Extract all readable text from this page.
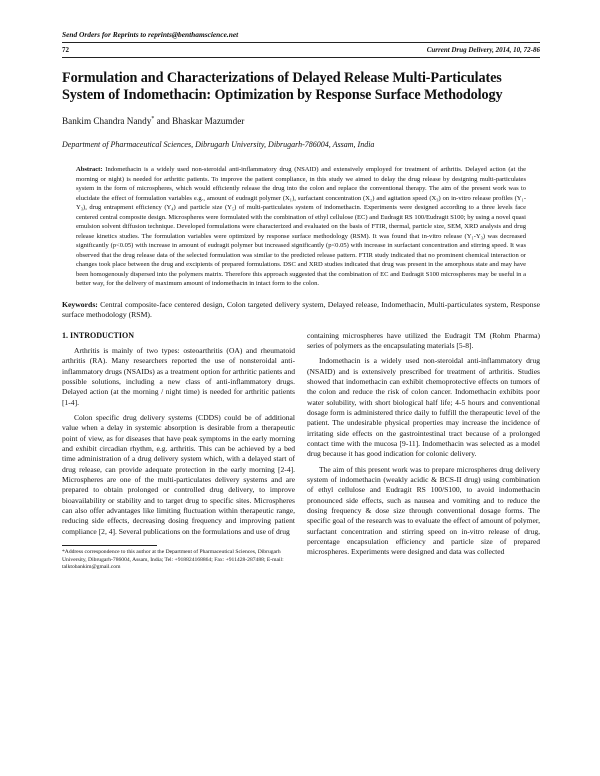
Send Orders for Reprints to reprints@benthamscience.net

72	Current Drug Delivery, 2014, 10, 72-86
Formulation and Characterizations of Delayed Release Multi-Particulates System of Indomethacin: Optimization by Response Surface Methodology

Bankim Chandra Nandy* and Bhaskar Mazumder

Department of Pharmaceutical Sciences, Dibrugarh University, Dibrugarh-786004, Assam, India

Abstract: Indomethacin is a widely used non-steroidal anti-inflammatory drug (NSAID) and extensively employed for treatment of arthritis. Delayed action (at the morning or night) is needed for arthritic patients. To improve the patient compliance, in this study we aimed to delay the drug release by designing multi-particulates system in the form of microspheres, which would efficiently release the drug into the colon and replace the conventional therapy. The aim of the present work was to elucidate the effect of formulation variables e.g., amount of eudragit polymer (X₁), surfactant concentration (X₂) and agitation speed (X₃) on in-vitro release profiles (Y₁-Y₃), drug entrapment efficiency (Y₄) and particle size (Y₅) of multi-particulates system of indomethacin. Experiments were designed according to a three levels face centered central composite design. Microspheres were formulated with the combination of ethyl cellulose (EC) and Eudragit RS 100/Eudragit S100; by using a novel quasi emulsion solvent diffusion technique. Developed formulations were characterized and evaluated on the basis of FTIR, thermal, particle size, SEM, XRD analysis and drug release kinetics studies. The formulation variables were optimized by response surface methodology (RSM). It was found that in-vitro release (Y₁-Y₃) was decreased significantly (p<0.05) with increase in amount of eudragit polymer but increased significantly (p<0.05) with increase in surfactant concentration and stirring speed. It was observed that the drug release data of the selected formulation was similar to the predicted release pattern. FTIR study indicated that no prominent chemical interaction or changes took place between the drug and excipients of prepared formulations. DSC and XRD studies indicated that drug was present in the amorphous state and may have been homogenously dispersed into the polymers matrix. Therefore this approach suggested that the combination of EC and Eudragit S100 microspheres may be useful in a better way, for the delivery of maximum amount of indomethacin in intact form to the colon.

Keywords: Central composite-face centered design, Colon targeted delivery system, Delayed release, Indomethacin, Multi-particulates system, Response surface methodology (RSM).

1. INTRODUCTION

Arthritis is mainly of two types: osteoarthritis (OA) and rheumatoid arthritis (RA). Many researchers reported the use of nonsteroidal anti-inflammatory drugs (NSAIDs) as a treatment option for arthritic patients and possible solutions, including a new class of anti-inflammatory drugs. Delayed action (at the morning / night time) is needed for arthritic patients [1-4].

Colon specific drug delivery systems (CDDS) could be of additional value when a delay in systemic absorption is desirable from a therapeutic point of view, as for diseases that have peak symptoms in the early morning and exhibit circadian rhythm, e.g. arthritis. This can be achieved by a bed time administration of a drug delivery system which, with a delayed start of drug release, can provide adequate protection in the early morning [2-4]. Microspheres are one of the multi-particulates delivery systems and are prepared to obtain prolonged or controlled drug delivery, to improve bioavailability or stability and to target drug to specific sites. Microspheres can also offer advantages like limiting fluctuation within therapeutic range, reducing side effects, decreasing dosing frequency and improving patient compliance [2, 4]. Several publications on the formulations and use of drug

*Address correspondence to this author at the Department of Pharmaceutical Sciences, Dibrugarh University, Dibrugarh-786004, Assam, India; Tel: +918824168864; Fax: +911428-287488; E-mail: talktobankim@gmail.com

containing microspheres have utilized the Eudragit TM (Rohm Pharma) series of polymers as the encapsulating materials [5-8].

Indomethacin is a widely used non-steroidal anti-inflammatory drug (NSAID) and is extensively prescribed for treatment of arthritis. Studies showed that indomethacin can exhibit chemoprotective effects on tumors of the colon and reduce the risk of colon cancer. Indomethacin exhibits poor water solubility, with short biological half life; 4-5 hours and conventional dosage form is administered thrice daily to fulfill the therapeutic level of the patient. The undesirable physical properties may increase the incidence of irritating side effects on the gastrointestinal tract because of a prolonged contact time with the mucosa [9-11]. Indomethacin was selected as a model drug because it has good indication for colonic delivery.

The aim of this present work was to prepare microspheres drug delivery system of indomethacin (weakly acidic & BCS-II drug) using combination of ethyl cellulose and Eudragit RS 100/S100, to avoid indomethacin pronounced side effects, such as nausea and vomiting and to reduce the dosing frequency & dose size through conventional dosage forms. The specific goal of the research was to evaluate the effect of amount of polymer, surfactant concentration and stirring speed on in-vitro release of drug, percentage encapsulation efficiency and particle size of prepared microspheres. Experiments were designed and data was collected
